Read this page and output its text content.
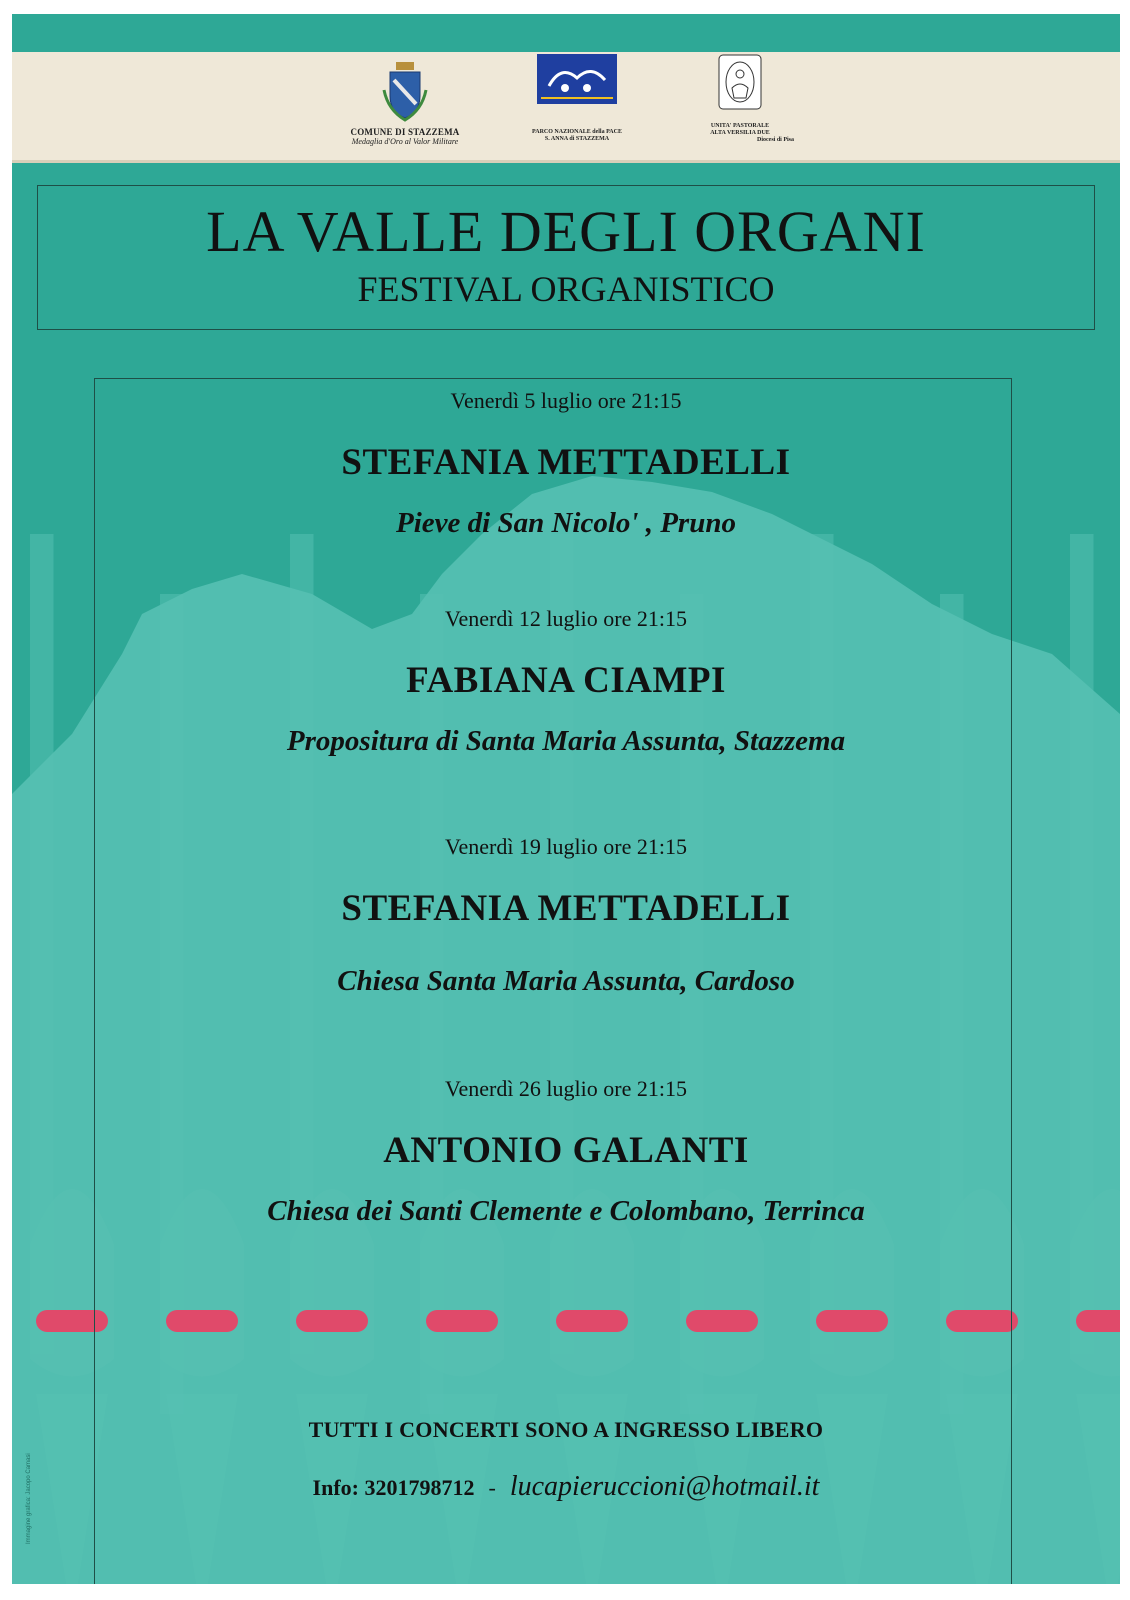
COMUNE DI STAZZEMA
Medaglia d'Oro al Valor Militare
PARCO NAZIONALE della PACE
S. ANNA di STAZZEMA
UNITA' PASTORALE
ALTA VERSILIA DUE
Diocesi di Pisa
LA VALLE DEGLI ORGANI
FESTIVAL ORGANISTICO
Venerdì 5 luglio ore 21:15
STEFANIA METTADELLI
Pieve di San Nicolo' , Pruno
Venerdì 12 luglio ore 21:15
FABIANA CIAMPI
Propositura di Santa Maria Assunta, Stazzema
Venerdì 19 luglio ore 21:15
STEFANIA METTADELLI
Chiesa Santa Maria Assunta, Cardoso
Venerdì 26 luglio ore 21:15
ANTONIO GALANTI
Chiesa dei Santi Clemente e Colombano, Terrinca
TUTTI I CONCERTI SONO A INGRESSO LIBERO
Info: 3201798712 - lucapieruccioni@hotmail.it
Immagine grafica: Jacopo Camasi
